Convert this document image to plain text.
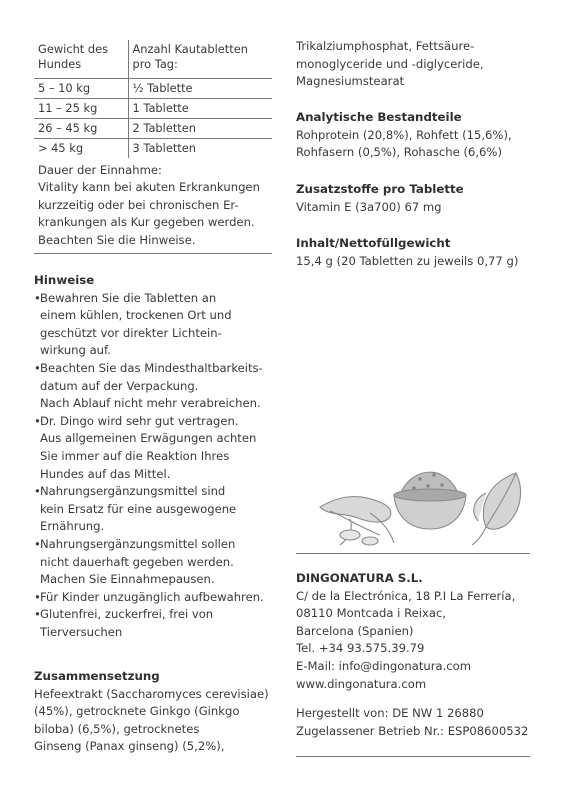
Gewicht des Hundes	Anzahl Kautabletten pro Tag:
5 – 10 kg	½ Tablette
11 – 25 kg	1 Tablette
26 – 45 kg	2 Tabletten
> 45 kg	3 Tabletten
Dauer der Einnahme:
Vitality kann bei akuten Erkrankungen
kurzzeitig oder bei chronischen Er-
krankungen als Kur gegeben werden.
Beachten Sie die Hinweise.
Hinweise
• Bewahren Sie die Tabletten an
einem kühlen, trockenen Ort und
geschützt vor direkter Lichtein-
wirkung auf.
• Beachten Sie das Mindesthaltbarkeits-
datum auf der Verpackung.
Nach Ablauf nicht mehr verabreichen.
• Dr. Dingo wird sehr gut vertragen.
Aus allgemeinen Erwägungen achten
Sie immer auf die Reaktion Ihres
Hundes auf das Mittel.
• Nahrungsergänzungsmittel sind
kein Ersatz für eine ausgewogene
Ernährung.
• Nahrungsergänzungsmittel sollen
nicht dauerhaft gegeben werden.
Machen Sie Einnahmepausen.
• Für Kinder unzugänglich aufbewahren.
• Glutenfrei, zuckerfrei, frei von
Tierversuchen
Zusammensetzung
Hefeextrakt (Saccharomyces cerevisiae)
(45%), getrocknete Ginkgo (Ginkgo
biloba) (6,5%), getrocknetes
Ginseng (Panax ginseng) (5,2%),
Trikalziumphosphat, Fettsäure-
monoglyceride und -diglyceride,
Magnesiumstearat
Analytische Bestandteile
Rohprotein (20,8%), Rohfett (15,6%),
Rohfasern (0,5%), Rohasche (6,6%)
Zusatzstoffe pro Tablette
Vitamin E (3a700) 67 mg
Inhalt/Nettofüllgewicht
15,4 g (20 Tabletten zu jeweils 0,77 g)
DINGONATURA S.L.
C/ de la Electrónica, 18 P.I La Ferrería,
08110 Montcada i Reixac,
Barcelona (Spanien)
Tel. +34 93.575.39.79
E-Mail: info@dingonatura.com
www.dingonatura.com
Hergestellt von: DE NW 1 26880
Zugelassener Betrieb Nr.: ESP08600532
